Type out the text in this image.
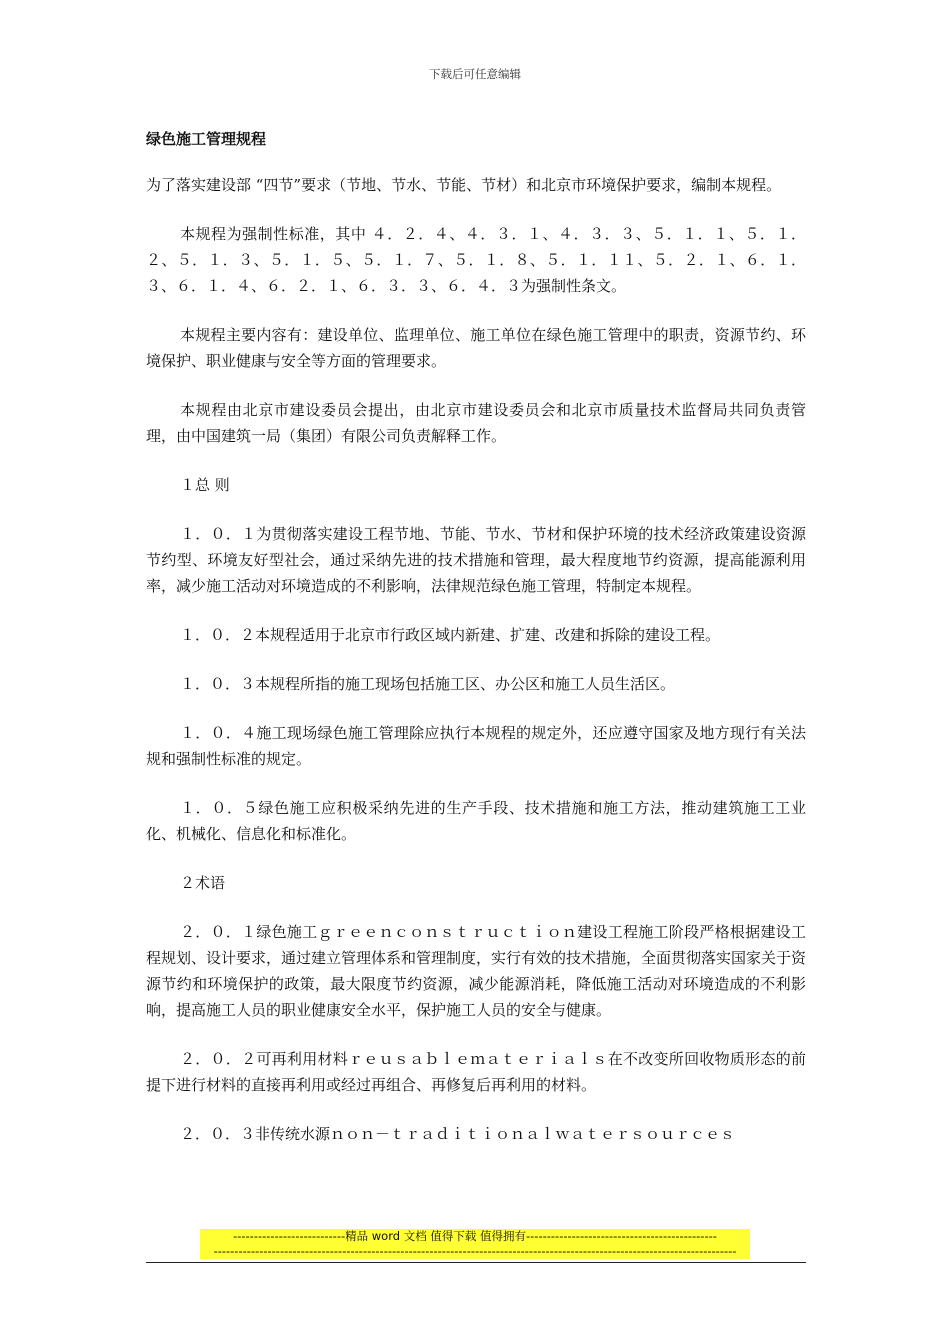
下载后可任意编辑
绿色施工管理规程

为了落实建设部 “四节”要求（节地、节水、节能、节材）和北京市环境保护要求，编制本规程。

本规程为强制性标准，其中 ４．２．４、４．３．１、４．３．３、５．１．１、５．１．２、５．１．３、５．１．５、５．１．７、５．１．８、５．１．１１、５．２．１、６．１．３、６．１．４、６．２．１、６．３．３、６．４．３为强制性条文。

本规程主要内容有：建设单位、监理单位、施工单位在绿色施工管理中的职责，资源节约、环境保护、职业健康与安全等方面的管理要求。

本规程由北京市建设委员会提出，由北京市建设委员会和北京市质量技术监督局共同负责管理，由中国建筑一局（集团）有限公司负责解释工作。

１总 则

１．０．１为贯彻落实建设工程节地、节能、节水、节材和保护环境的技术经济政策建设资源节约型、环境友好型社会，通过采纳先进的技术措施和管理，最大程度地节约资源，提高能源利用率，减少施工活动对环境造成的不利影响，法律规范绿色施工管理，特制定本规程。

１．０．２本规程适用于北京市行政区域内新建、扩建、改建和拆除的建设工程。

１．０．３本规程所指的施工现场包括施工区、办公区和施工人员生活区。

１．０．４施工现场绿色施工管理除应执行本规程的规定外，还应遵守国家及地方现行有关法规和强制性标准的规定。

１．０．５绿色施工应积极采纳先进的生产手段、技术措施和施工方法，推动建筑施工工业化、机械化、信息化和标准化。

２术语

２．０．１绿色施工ｇｒｅｅｎｃｏｎｓｔｒｕｃｔｉｏｎ建设工程施工阶段严格根据建设工程规划、设计要求，通过建立管理体系和管理制度，实行有效的技术措施，全面贯彻落实国家关于资源节约和环境保护的政策，最大限度节约资源，减少能源消耗，降低施工活动对环境造成的不利影响，提高施工人员的职业健康安全水平，保护施工人员的安全与健康。

２．０．２可再利用材料ｒｅｕｓａｂｌｅｍａｔｅｒｉａｌｓ在不改变所回收物质形态的前提下进行材料的直接再利用或经过再组合、再修复后再利用的材料。

２．０．３非传统水源ｎｏｎ－ｔｒａｄｉｔｉｏｎａｌｗａｔｅｒｓｏｕｒｃｅｓ

---------------------------精品 word 文档 值得下载 值得拥有----------------------------------------------
------------------------------------------------------------------------------------------------------------------------------
